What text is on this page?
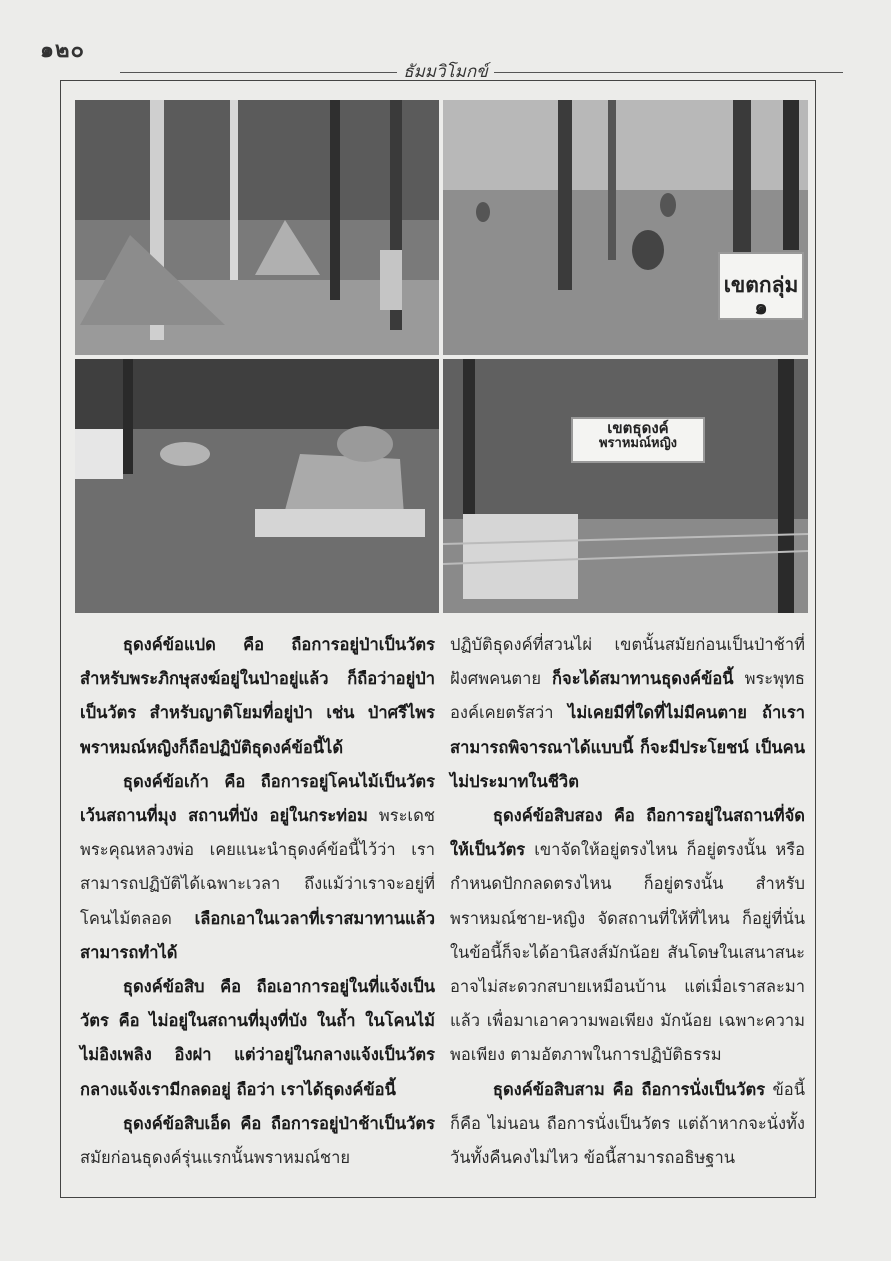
๑๒๐
ธัมมวิโมกข์
เขตกลุ่ม ๑
เขตธุดงค์
พราหมณ์หญิง

ธุดงค์ข้อแปด คือ ถือการอยู่ป่าเป็นวัตร สำหรับพระภิกษุสงฆ์อยู่ในป่าอยู่แล้ว ก็ถือว่าอยู่ป่าเป็นวัตร สำหรับญาติโยมที่อยู่ป่า เช่น ป่าศรีไพร พราหมณ์หญิงก็ถือปฏิบัติธุดงค์ข้อนี้ได้

ธุดงค์ข้อเก้า คือ ถือการอยู่โคนไม้เป็นวัตร เว้นสถานที่มุง สถานที่บัง อยู่ในกระท่อม พระเดชพระคุณหลวงพ่อ เคยแนะนำธุดงค์ข้อนี้ไว้ว่า เราสามารถปฏิบัติได้เฉพาะเวลา ถึงแม้ว่าเราจะอยู่ที่โคนไม้ตลอด เลือกเอาในเวลาที่เราสมาทานแล้วสามารถทำได้

ธุดงค์ข้อสิบ คือ ถือเอาการอยู่ในที่แจ้งเป็นวัตร คือ ไม่อยู่ในสถานที่มุงที่บัง ในถ้ำ ในโคนไม้ ไม่อิงเพลิง อิงฝา แต่ว่าอยู่ในกลางแจ้งเป็นวัตร กลางแจ้งเรามีกลดอยู่ ถือว่า เราได้ธุดงค์ข้อนี้

ธุดงค์ข้อสิบเอ็ด คือ ถือการอยู่ป่าช้าเป็นวัตร สมัยก่อนธุดงค์รุ่นแรกนั้นพราหมณ์ชาย

ปฏิบัติธุดงค์ที่สวนไผ่ เขตนั้นสมัยก่อนเป็นป่าช้าที่ฝังศพคนตาย ก็จะได้สมาทานธุดงค์ข้อนี้ พระพุทธองค์เคยตรัสว่า ไม่เคยมีที่ใดที่ไม่มีคนตาย ถ้าเราสามารถพิจารณาได้แบบนี้ ก็จะมีประโยชน์ เป็นคนไม่ประมาทในชีวิต

ธุดงค์ข้อสิบสอง คือ ถือการอยู่ในสถานที่จัดให้เป็นวัตร เขาจัดให้อยู่ตรงไหน ก็อยู่ตรงนั้น หรือกำหนดปักกลดตรงไหน ก็อยู่ตรงนั้น สำหรับพราหมณ์ชาย-หญิง จัดสถานที่ให้ที่ไหน ก็อยู่ที่นั่น ในข้อนี้ก็จะได้อานิสงส์มักน้อย สันโดษในเสนาสนะ อาจไม่สะดวกสบายเหมือนบ้าน แต่เมื่อเราสละมาแล้ว เพื่อมาเอาความพอเพียง มักน้อย เฉพาะความพอเพียง ตามอัตภาพในการปฏิบัติธรรม

ธุดงค์ข้อสิบสาม คือ ถือการนั่งเป็นวัตร ข้อนี้ก็คือ ไม่นอน ถือการนั่งเป็นวัตร แต่ถ้าหากจะนั่งทั้งวันทั้งคืนคงไม่ไหว ข้อนี้สามารถอธิษฐาน
